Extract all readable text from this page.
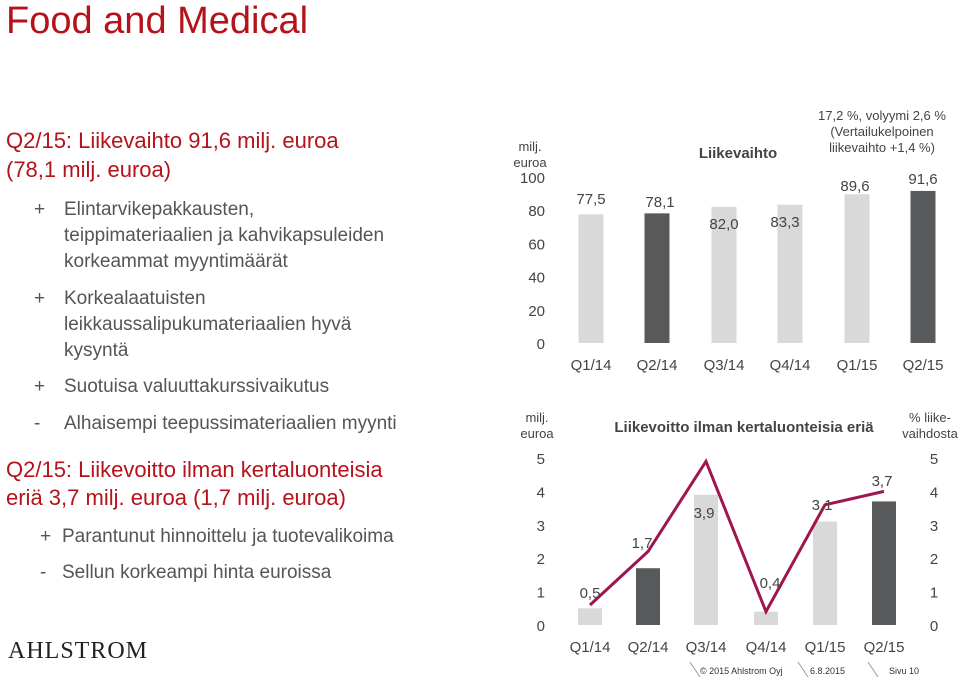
Food and Medical
Q2/15: Liikevaihto 91,6 milj. euroa
(78,1 milj. euroa)
+ Elintarvikepakkausten,
teippimateriaalien ja kahvikapsuleiden
korkeammat myyntimäärät
+ Korkealaatuisten
leikkaussalipukumateriaalien hyvä
kysyntä
+ Suotuisa valuuttakurssivaikutus
- Alhaisempi teepussimateriaalien myynti
Q2/15: Liikevoitto ilman kertaluonteisia
eriä 3,7 milj. euroa (1,7 milj. euroa)
+ Parantunut hinnoittelu ja tuotevalikoima
- Sellun korkeampi hinta euroissa
0
20
40
60
80
100
milj.
euroa
Liikevaihto
17,2 %, volyymi 2,6 %
(Vertailukelpoinen
liikevaihto +1,4 %)
77,5
Q1/14
78,1
Q2/14
82,0
Q3/14
83,3
Q4/14
89,6
Q1/15
91,6
Q2/15
0
1
2
3
4
5
0
1
2
3
4
5
milj.
euroa
% liike-
vaihdosta
Liikevoitto ilman kertaluonteisia eriä
Q1/14 Q2/14 Q3/14 Q4/14 Q1/15 Q2/15
0,5
1,7
3,9
0,4
3,1
3,7
AHLSTROM
© 2015 Ahlstrom Oyj	6.8.2015	Sivu 10
